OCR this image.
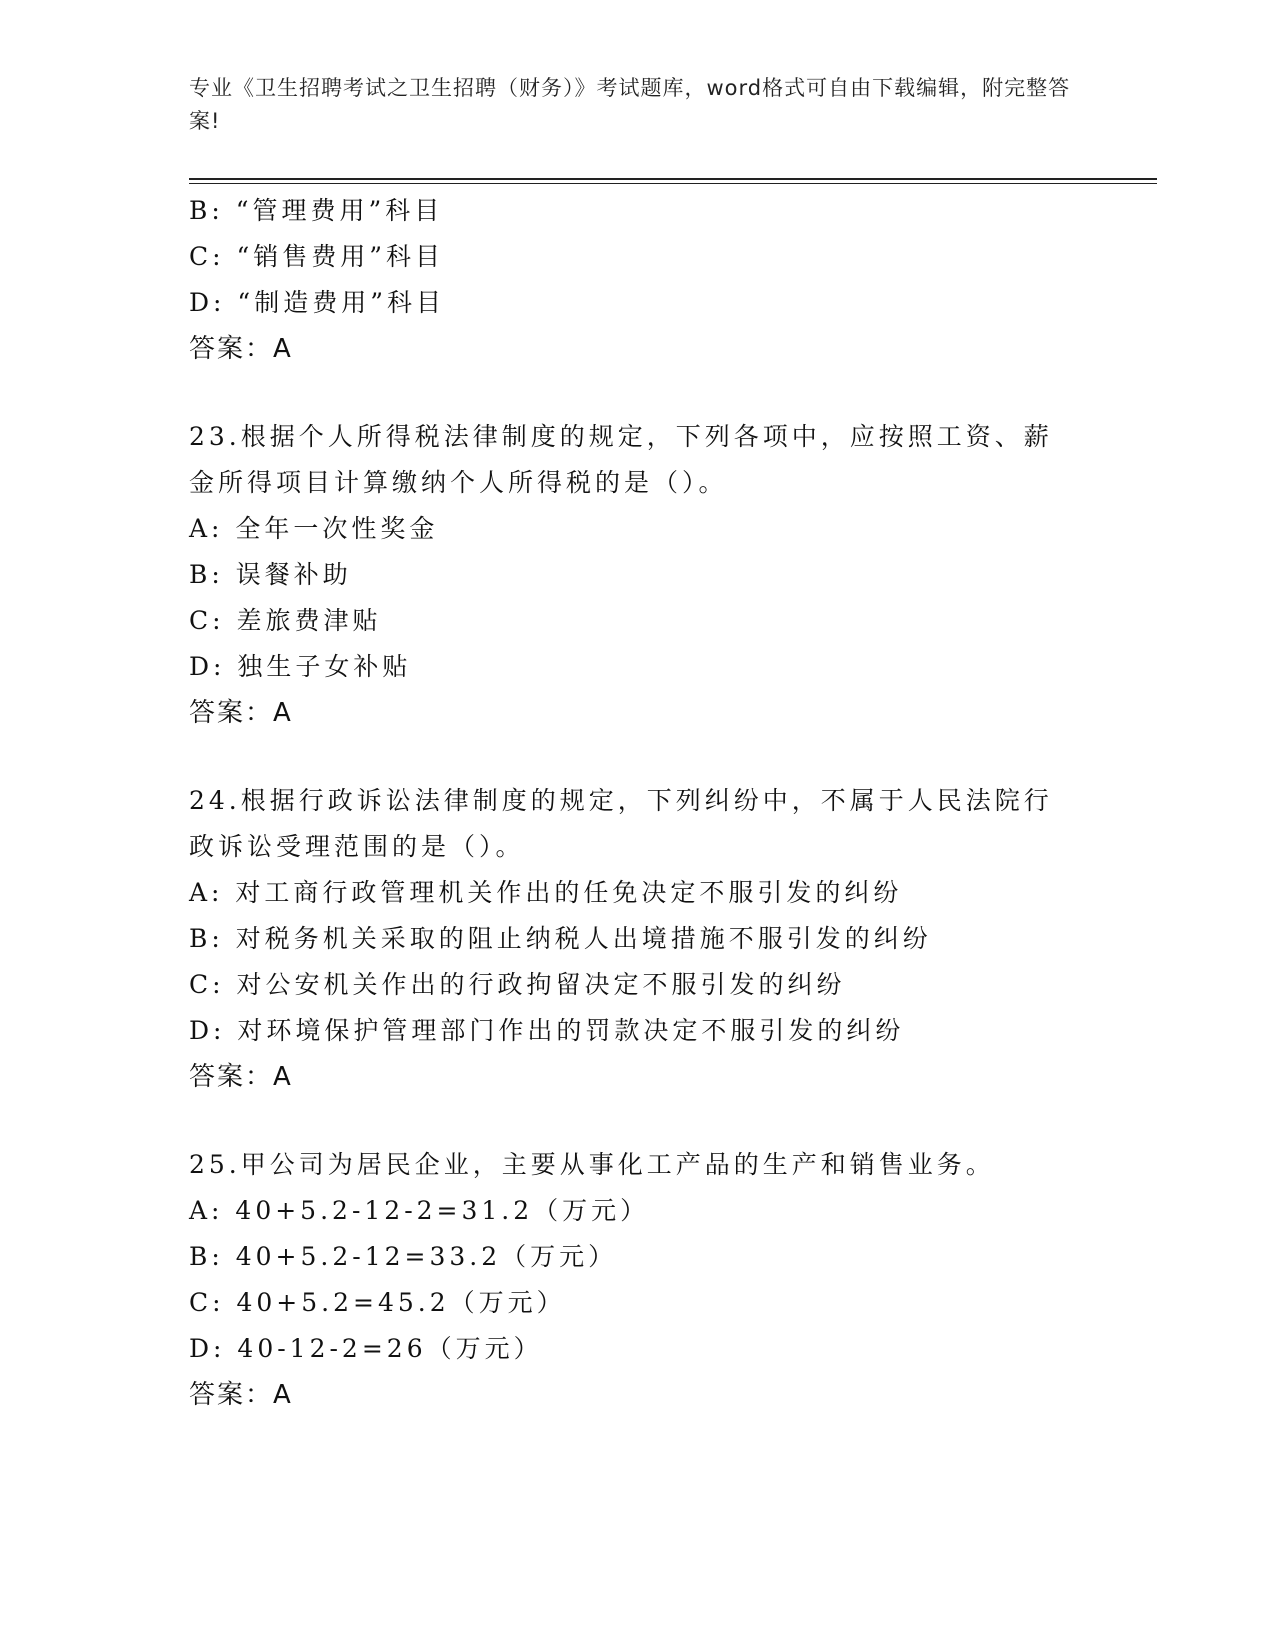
专业《卫生招聘考试之卫生招聘（财务）》考试题库，word格式可自由下载编辑，附完整答案!
B: “管理费用”科目
C: “销售费用”科目
D: “制造费用”科目
答案：A
23.根据个人所得税法律制度的规定，下列各项中，应按照工资、薪金所得项目计算缴纳个人所得税的是（）。
A: 全年一次性奖金
B: 误餐补助
C: 差旅费津贴
D: 独生子女补贴
答案：A
24.根据行政诉讼法律制度的规定，下列纠纷中，不属于人民法院行政诉讼受理范围的是（）。
A: 对工商行政管理机关作出的任免决定不服引发的纠纷
B: 对税务机关采取的阻止纳税人出境措施不服引发的纠纷
C: 对公安机关作出的行政拘留决定不服引发的纠纷
D: 对环境保护管理部门作出的罚款决定不服引发的纠纷
答案：A
25.甲公司为居民企业，主要从事化工产品的生产和销售业务。
A: 40+5.2-12-2=31.2（万元）
B: 40+5.2-12=33.2（万元）
C: 40+5.2=45.2（万元）
D: 40-12-2=26（万元）
答案：A
